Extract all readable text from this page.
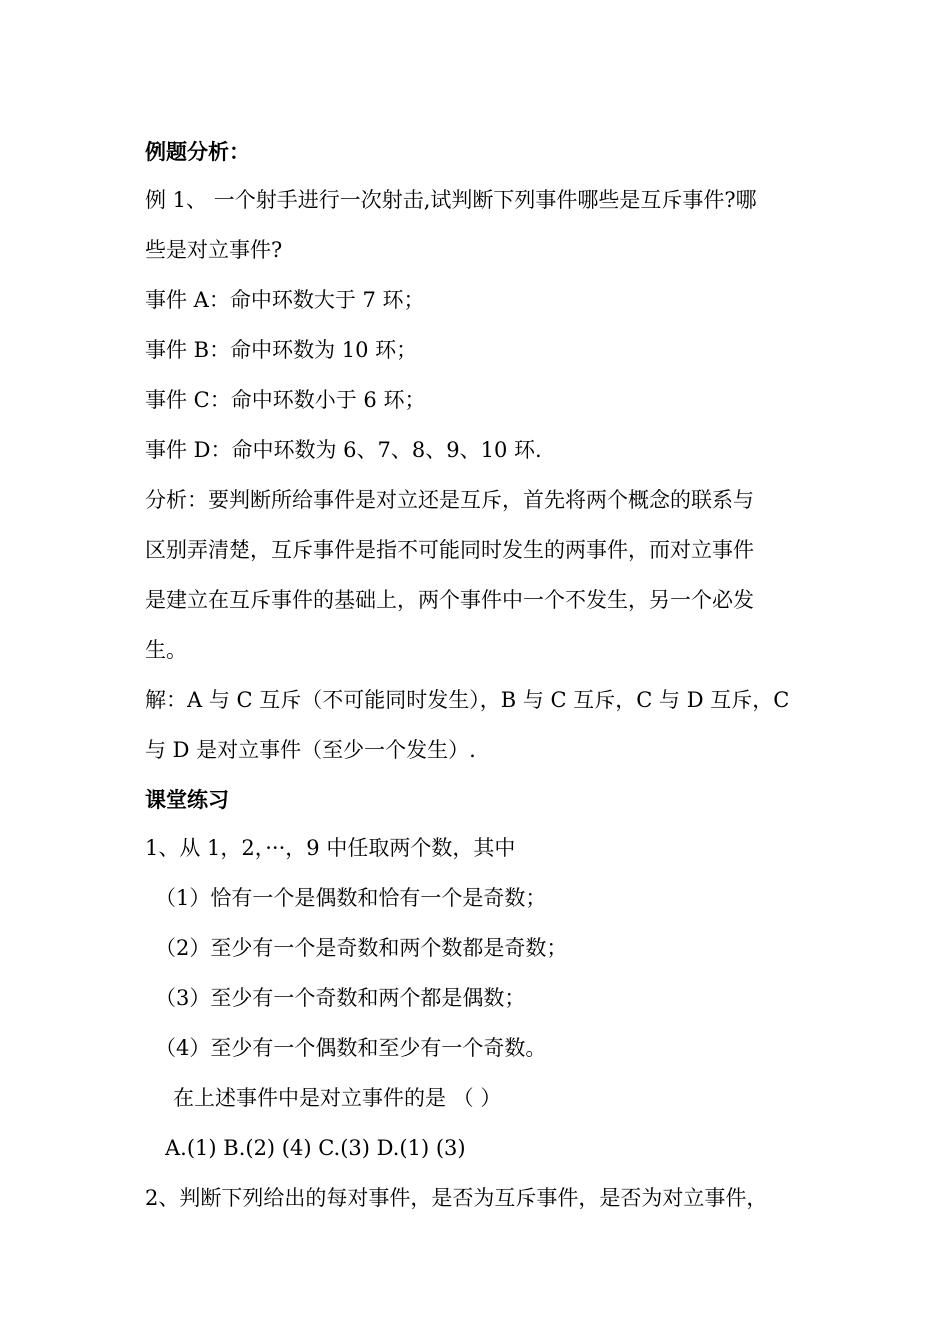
例题分析：
例 1、 一个射手进行一次射击,试判断下列事件哪些是互斥事件?哪
些是对立事件?
事件 A：命中环数大于 7 环；
事件 B：命中环数为 10 环；
事件 C：命中环数小于 6 环；
事件 D：命中环数为 6、7、8、9、10 环.
分析：要判断所给事件是对立还是互斥，首先将两个概念的联系与
区别弄清楚，互斥事件是指不可能同时发生的两事件，而对立事件
是建立在互斥事件的基础上，两个事件中一个不发生，另一个必发
生。
解：A 与 C 互斥（不可能同时发生），B 与 C 互斥，C 与 D 互斥，C
与 D 是对立事件（至少一个发生）.
课堂练习
1、从 1，2，···，9 中任取两个数，其中
（1）恰有一个是偶数和恰有一个是奇数；
（2）至少有一个是奇数和两个数都是奇数；
（3）至少有一个奇数和两个都是偶数；
（4）至少有一个偶数和至少有一个奇数。
在上述事件中是对立事件的是 （ ）
A.(1) B.(2) (4) C.(3) D.(1) (3)
2、判断下列给出的每对事件，是否为互斥事件，是否为对立事件，
